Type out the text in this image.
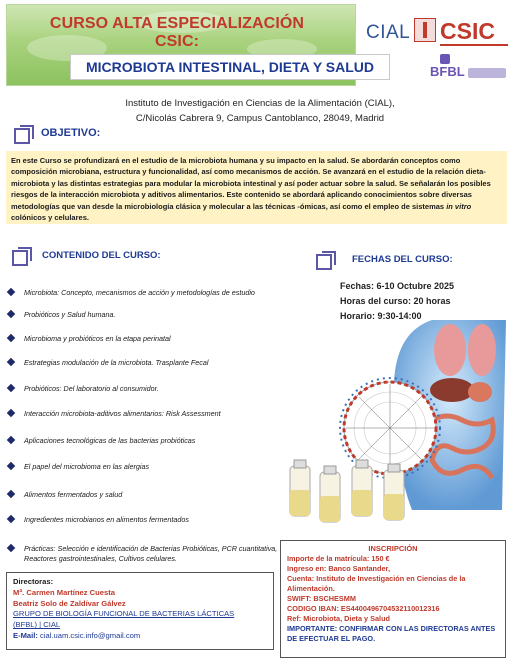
CURSO ALTA ESPECIALIZACIÓN CSIC:
MICROBIOTA INTESTINAL, DIETA Y SALUD
CIAL CSIC
BFBL
Instituto de Investigación en Ciencias de la Alimentación (CIAL),
C/Nicolás Cabrera 9, Campus Cantoblanco, 28049, Madrid
OBJETIVO:
En este Curso se profundizará en el estudio de la microbiota humana y su impacto en la salud. Se abordarán conceptos como composición microbiana, estructura y funcionalidad, así como mecanismos de acción. Se avanzará en el estudio de la relación dieta-microbiota y las distintas estrategias para modular la microbiota intestinal y así poder actuar sobre la salud. Se señalarán los posibles riesgos de la interacción microbiota y aditivos alimentarios. Este contenido se abordará aplicando conocimientos sobre diversas metodologías que van desde la microbiología clásica y molecular a las técnicas -ómicas, así como el empleo de sistemas in vitro colónicos y celulares.
CONTENIDO DEL CURSO:	FECHAS DEL CURSO:
Fechas: 6-10 Octubre 2025
Horas del curso: 20 horas
Horario: 9:30-14:00
Microbiota: Concepto, mecanismos de acción y metodologías de estudio
Probióticos y Salud humana.
Microbioma y probióticos en la etapa perinatal
Estrategias modulación de la microbiota. Trasplante Fecal
Probióticos: Del laboratorio al consumidor.
Interacción microbiota-aditivos alimentarios: Risk Assessment
Aplicaciones tecnológicas de las bacterias probióticas
El papel del microbioma en las alergias
Alimentos fermentados y salud
Ingredientes microbianos en alimentos fermentados
Prácticas: Selección e identificación de Bacterias Probióticas, PCR cuantitativa, Reactores gastrointestinales, Cultivos celulares.
INSCRIPCIÓN
Importe de la matrícula: 150 €
Ingreso en: Banco Santander,
Cuenta: Instituto de Investigación en Ciencias de la Alimentación.
SWIFT: BSCHESMM
CODIGO IBAN: ES4400496704532110012316
Ref: Microbiota, Dieta y Salud
IMPORTANTE: CONFIRMAR CON LAS DIRECTORAS ANTES DE EFECTUAR EL PAGO.
Directoras:
Mª. Carmen Martínez Cuesta
Beatriz Solo de Zaldívar Gálvez
GRUPO DE BIOLOGÍA FUNCIONAL DE BACTERIAS LÁCTICAS
(BFBL) | CIAL
E-Mail: cial.uam.csic.info@gmail.com
